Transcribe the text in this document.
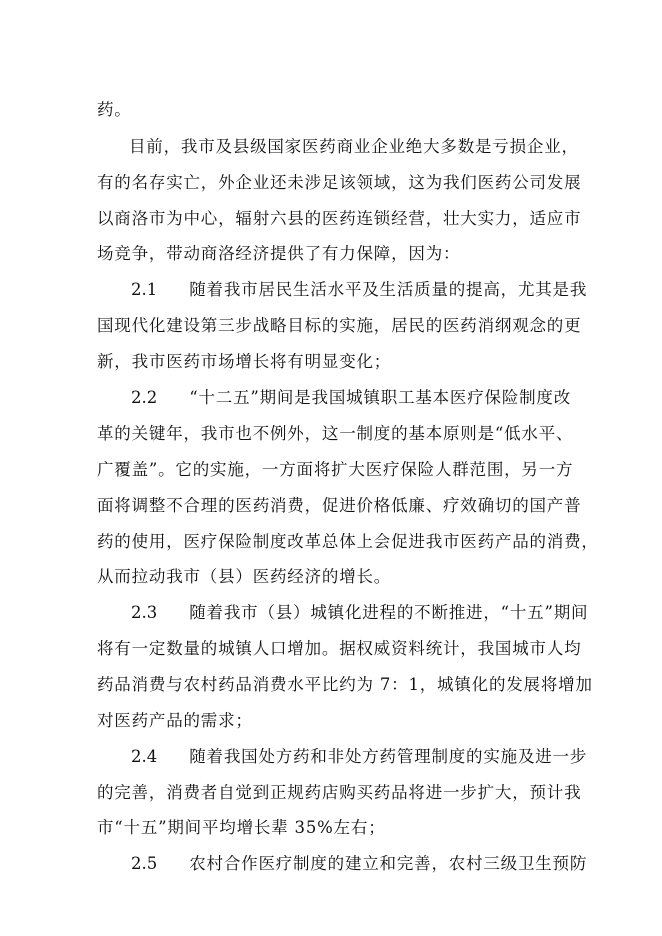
药。
目前，我市及县级国家医药商业企业绝大多数是亏损企业，
有的名存实亡，外企业还未涉足该领域，这为我们医药公司发展
以商洛市为中心，辐射六县的医药连锁经营，壮大实力，适应市
场竞争，带动商洛经济提供了有力保障，因为：
2.1 随着我市居民生活水平及生活质量的提高，尤其是我
国现代化建设第三步战略目标的实施，居民的医药消纲观念的更
新，我市医药市场增长将有明显变化；
2.2 “十二五”期间是我国城镇职工基本医疗保险制度改
革的关键年，我市也不例外，这一制度的基本原则是“低水平、
广覆盖”。它的实施，一方面将扩大医疗保险人群范围，另一方
面将调整不合理的医药消费，促进价格低廉、疗效确切的国产普
药的使用，医疗保险制度改革总体上会促进我市医药产品的消费，
从而拉动我市（县）医药经济的增长。
2.3 随着我市（县）城镇化进程的不断推进，“十五”期间
将有一定数量的城镇人口增加。据权威资料统计，我国城市人均
药品消费与农村药品消费水平比约为 7：1，城镇化的发展将增加
对医药产品的需求；
2.4 随着我国处方药和非处方药管理制度的实施及进一步
的完善，消费者自觉到正规药店购买药品将进一步扩大，预计我
市“十五”期间平均增长辈 35%左右；
2.5 农村合作医疗制度的建立和完善，农村三级卫生预防
